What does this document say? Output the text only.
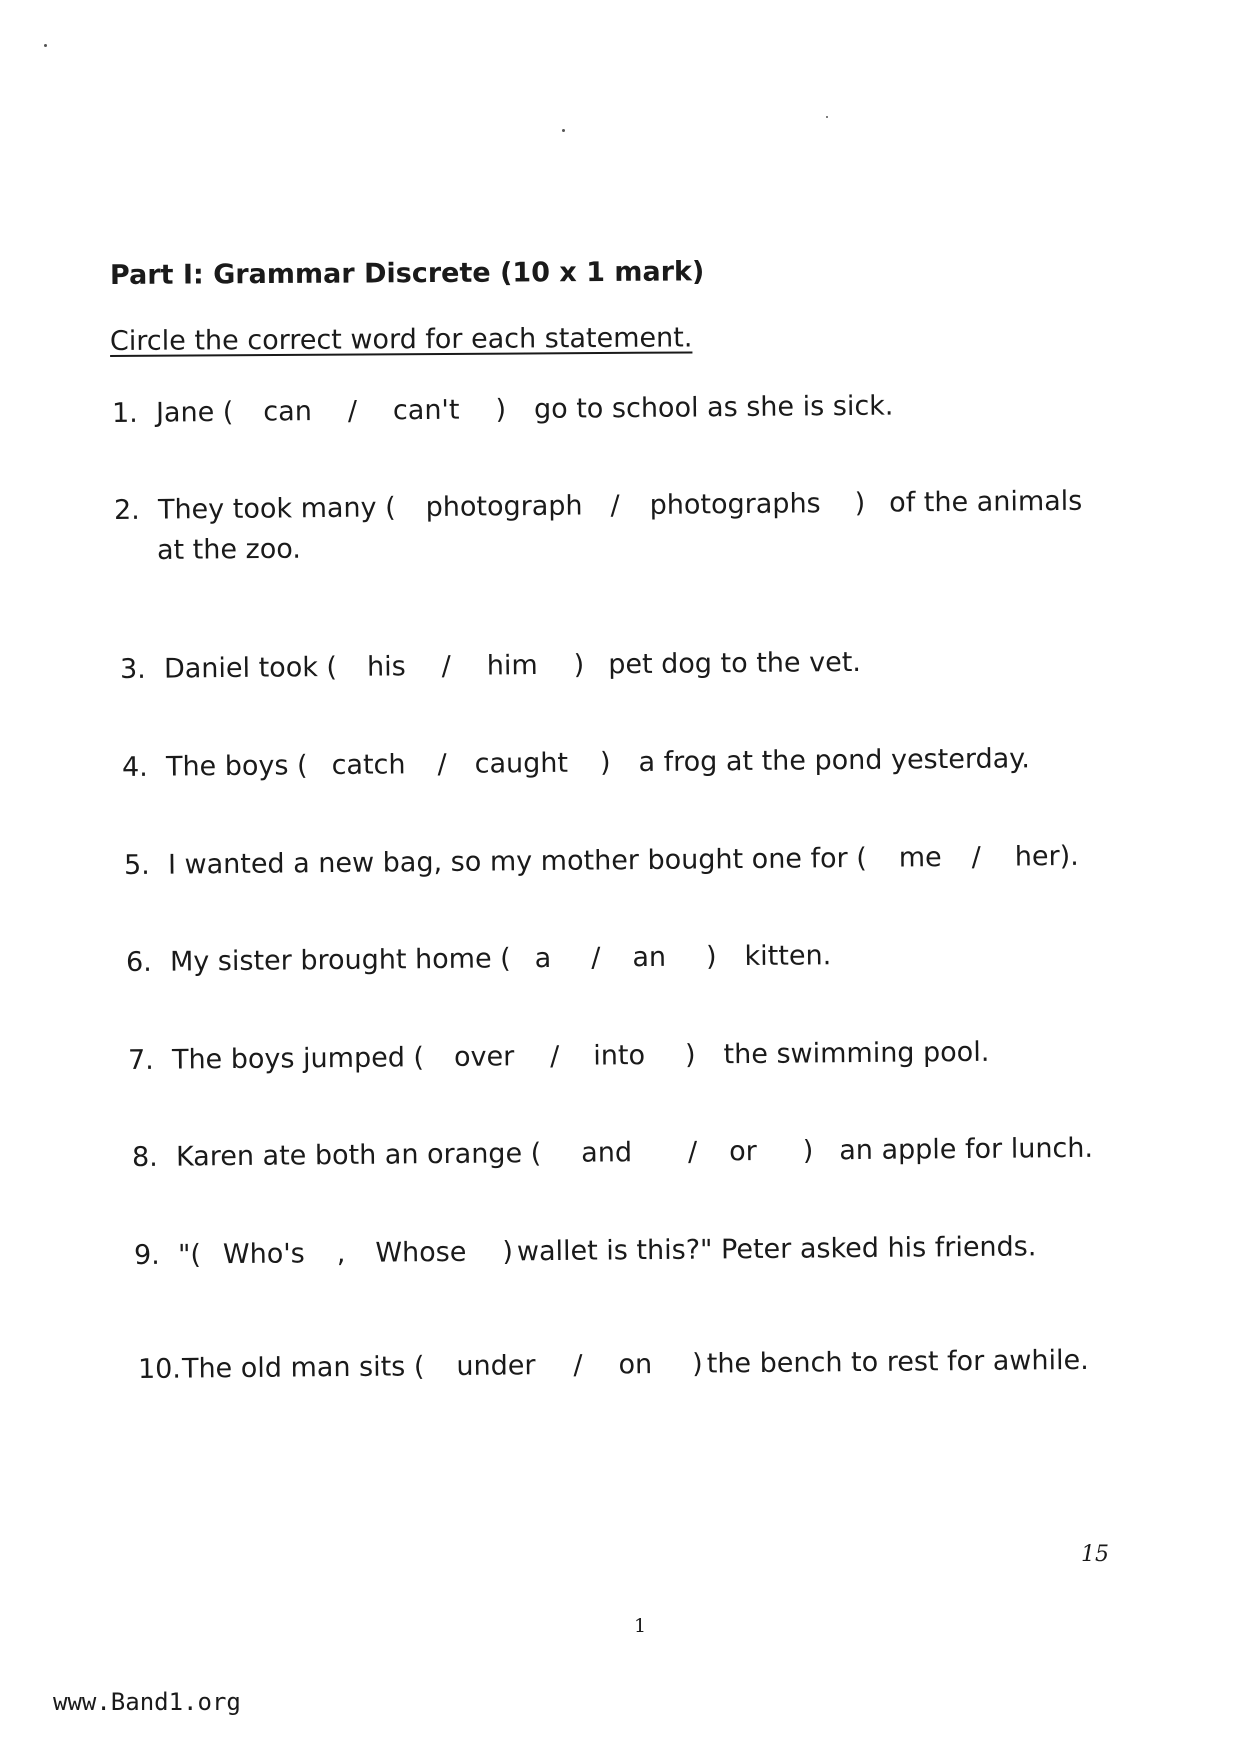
Part I: Grammar Discrete (10 x 1 mark)
Circle the correct word for each statement.
1. Jane ( can / can't ) go to school as she is sick.
2. They took many ( photograph / photographs ) of the animals
at the zoo.
3. Daniel took ( his / him ) pet dog to the vet.
4. The boys ( catch / caught ) a frog at the pond yesterday.
5. I wanted a new bag, so my mother bought one for ( me / her ).
6. My sister brought home ( a / an ) kitten.
7. The boys jumped ( over / into ) the swimming pool.
8. Karen ate both an orange ( and / or ) an apple for lunch.
9. "( Who's , Whose ) wallet is this?" Peter asked his friends.
10. The old man sits ( under / on ) the bench to rest for awhile.
15
1
www.Band1.org
